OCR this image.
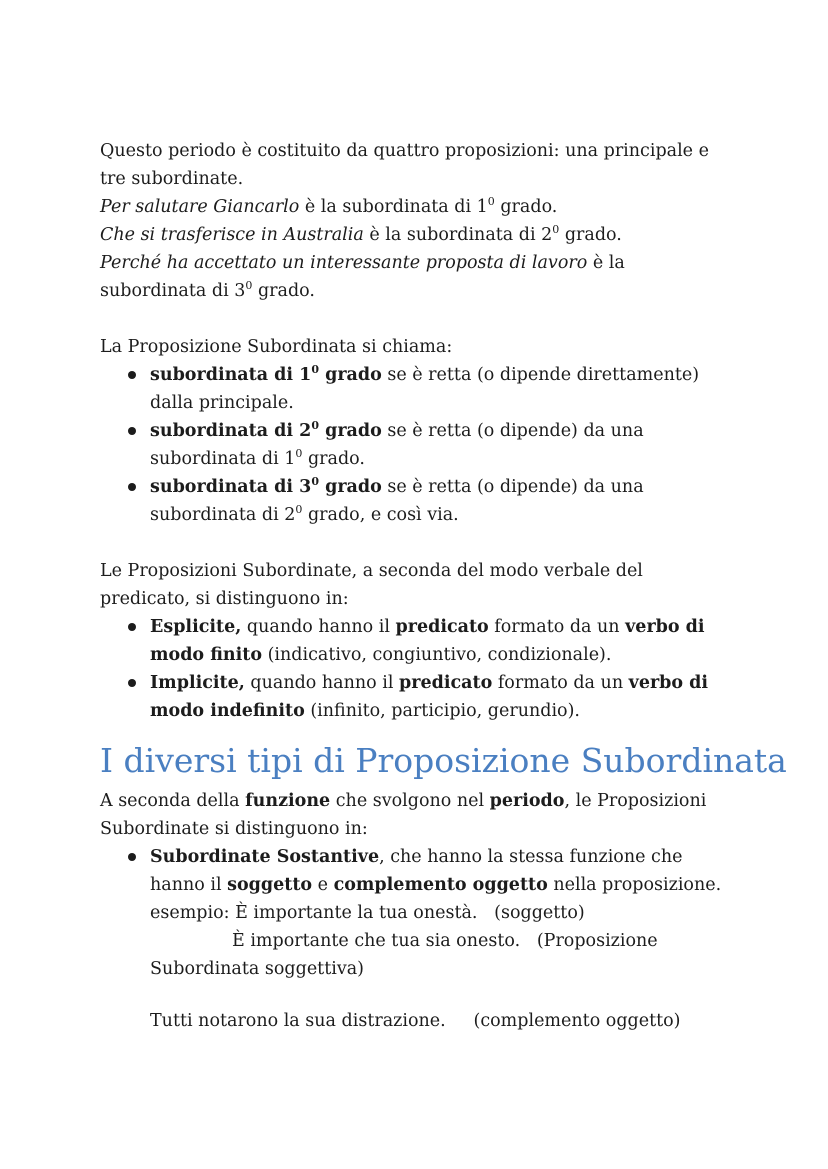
Questo periodo è costituito da quattro proposizioni: una principale e tre subordinate.

Per salutare Giancarlo è la subordinata di $1^0$ grado.

Che si trasferisce in Australia è la subordinata di $2^0$ grado.

Perché ha accettato un interessante proposta di lavoro è la subordinata di $3^0$ grado.

La Proposizione Subordinata si chiama:

subordinata di $1^0$ grado se è retta (o dipende direttamente) dalla principale.
subordinata di $2^0$ grado se è retta (o dipende) da una subordinata di $1^0$ grado.
subordinata di $3^0$ grado se è retta (o dipende) da una subordinata di $2^0$ grado, e così via.

Le Proposizioni Subordinate, a seconda del modo verbale del predicato, si distinguono in:

Esplicite, quando hanno il predicato formato da un verbo di modo finito (indicativo, congiuntivo, condizionale).
Implicite, quando hanno il predicato formato da un verbo di modo indefinito (infinito, participio, gerundio).
I diversi tipi di Proposizione Subordinata

A seconda della funzione che svolgono nel periodo, le Proposizioni Subordinate si distinguono in:

Subordinate Sostantive, che hanno la stessa funzione che hanno il soggetto e complemento oggetto nella proposizione.

esempio: È importante la tua onestà.   (soggetto)

È importante che tua sia onesto.   (Proposizione

Subordinata soggettiva)

Tutti notarono la sua distrazione.     (complemento oggetto)
